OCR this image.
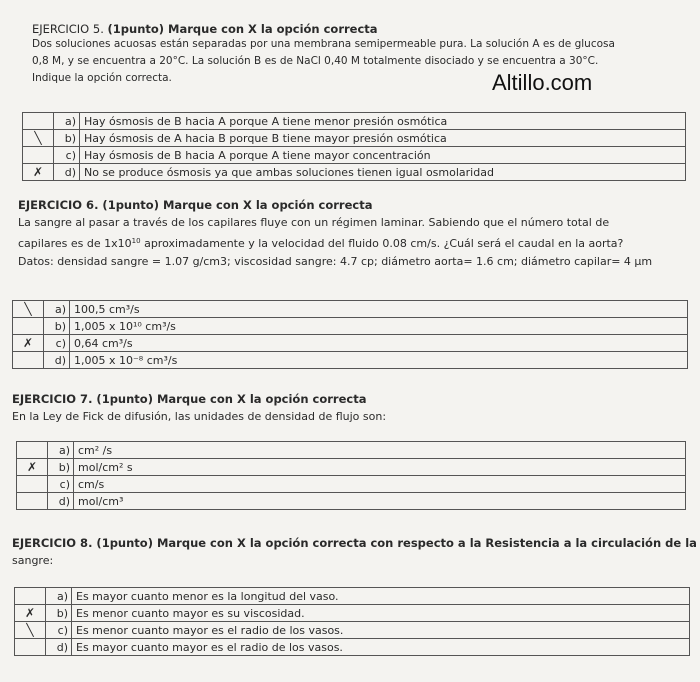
Altillo.com
EJERCICIO 5. (1punto) Marque con X la opción correcta
Dos soluciones acuosas están separadas por una membrana semipermeable pura. La solución A es de glucosa
0,8 M, y se encuentra a 20°C. La solución B es de NaCl 0,40 M totalmente disociado y se encuentra a 30°C.
Indique la opción correcta.
	a)	Hay ósmosis de B hacia A porque A tiene menor presión osmótica
╲	b)	Hay ósmosis de A hacia B porque B tiene mayor presión osmótica
	c)	Hay ósmosis de B hacia A porque A tiene mayor concentración
✗	d)	No se produce ósmosis ya que ambas soluciones tienen igual osmolaridad
EJERCICIO 6. (1punto) Marque con X la opción correcta
La sangre al pasar a través de los capilares fluye con un régimen laminar. Sabiendo que el número total de
capilares es de $1x10^{10}$ aproximadamente y la velocidad del fluido 0.08 cm/s. ¿Cuál será el caudal en la aorta?
Datos: densidad sangre = 1.07 g/cm3; viscosidad sangre: 4.7 cp; diámetro aorta= 1.6 cm; diámetro capilar= 4 μm
╲	a)	100,5 cm³/s
	b)	1,005 x 10¹⁰ cm³/s
✗	c)	0,64 cm³/s
	d)	1,005 x 10⁻⁸ cm³/s
EJERCICIO 7. (1punto) Marque con X la opción correcta
En la Ley de Fick de difusión, las unidades de densidad de flujo son:
	a)	cm² /s
✗	b)	mol/cm² s
	c)	cm/s
	d)	mol/cm³
EJERCICIO 8. (1punto) Marque con X la opción correcta con respecto a la Resistencia a la circulación de la
sangre:
	a)	Es mayor cuanto menor es la longitud del vaso.
✗	b)	Es menor cuanto mayor es su viscosidad.
╲	c)	Es menor cuanto mayor es el radio de los vasos.
	d)	Es mayor cuanto mayor es el radio de los vasos.
